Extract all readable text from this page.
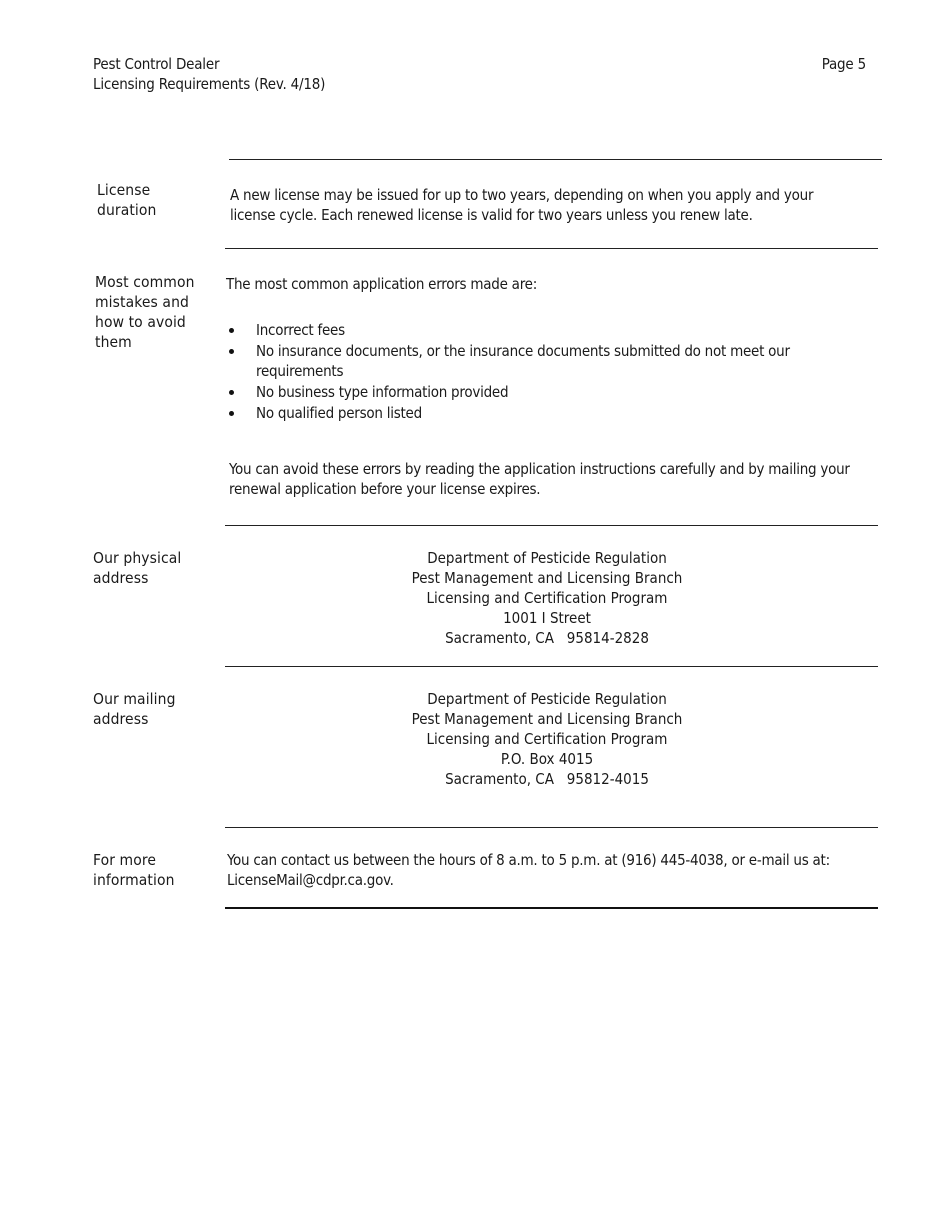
Pest Control Dealer
Licensing Requirements (Rev. 4/18)
Page 5
License
duration
A new license may be issued for up to two years, depending on when you apply and your license cycle. Each renewed license is valid for two years unless you renew late.
Most common
mistakes and
how to avoid
them
The most common application errors made are:
Incorrect fees
No insurance documents, or the insurance documents submitted do not meet our requirements
No business type information provided
No qualified person listed
You can avoid these errors by reading the application instructions carefully and by mailing your renewal application before your license expires.
Our physical
address
Department of Pesticide Regulation
Pest Management and Licensing Branch
Licensing and Certification Program
1001 I Street
Sacramento, CA   95814-2828
Our mailing
address
Department of Pesticide Regulation
Pest Management and Licensing Branch
Licensing and Certification Program
P.O. Box 4015
Sacramento, CA   95812-4015
For more
information
You can contact us between the hours of 8 a.m. to 5 p.m. at (916) 445-4038, or e-mail us at: LicenseMail@cdpr.ca.gov.
